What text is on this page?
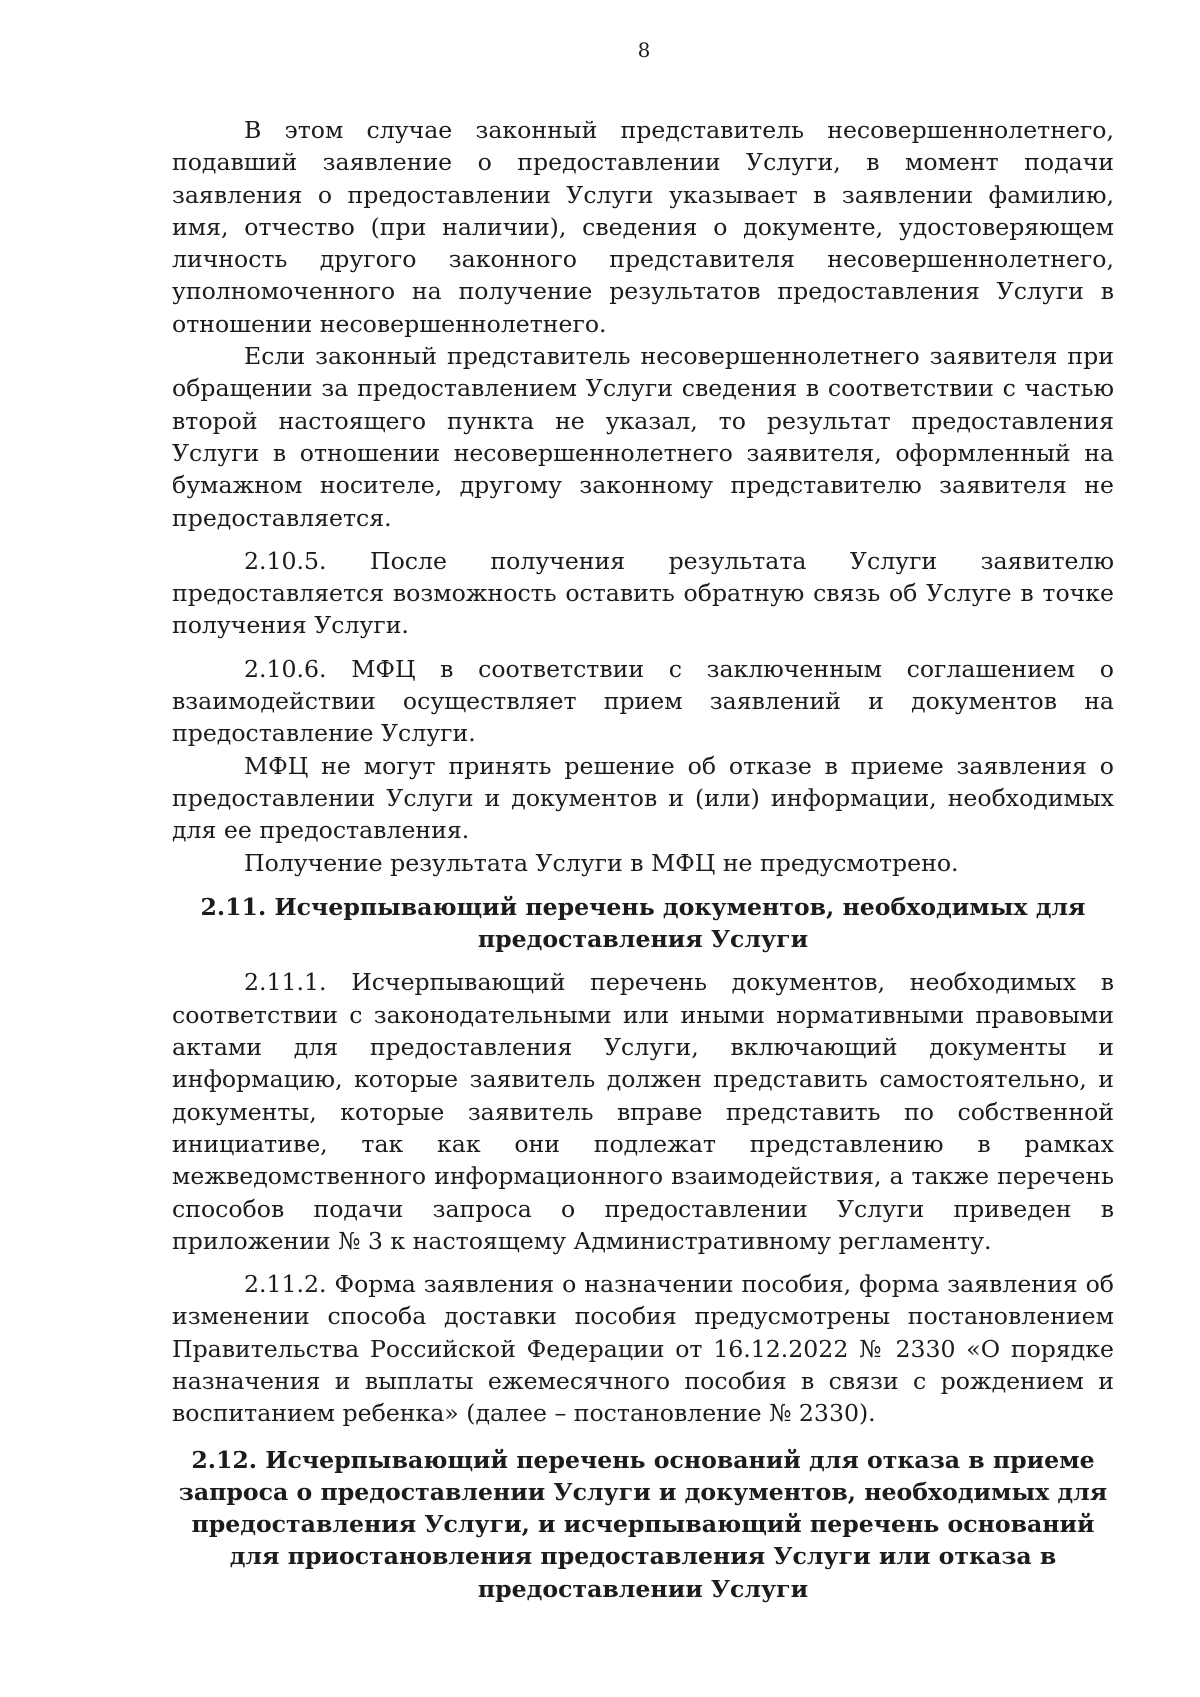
8

В этом случае законный представитель несовершеннолетнего, подавший заявление о предоставлении Услуги, в момент подачи заявления о предоставлении Услуги указывает в заявлении фамилию, имя, отчество (при наличии), сведения о документе, удостоверяющем личность другого законного представителя несовершеннолетнего, уполномоченного на получение результатов предоставления Услуги в отношении несовершеннолетнего.

Если законный представитель несовершеннолетнего заявителя при обращении за предоставлением Услуги сведения в соответствии с частью второй настоящего пункта не указал, то результат предоставления Услуги в отношении несовершеннолетнего заявителя, оформленный на бумажном носителе, другому законному представителю заявителя не предоставляется.

2.10.5. После получения результата Услуги заявителю предоставляется возможность оставить обратную связь об Услуге в точке получения Услуги.

2.10.6. МФЦ в соответствии с заключенным соглашением о взаимодействии осуществляет прием заявлений и документов на предоставление Услуги.

МФЦ не могут принять решение об отказе в приеме заявления о предоставлении Услуги и документов и (или) информации, необходимых для ее предоставления.

Получение результата Услуги в МФЦ не предусмотрено.

2.11. Исчерпывающий перечень документов, необходимых для предоставления Услуги

2.11.1. Исчерпывающий перечень документов, необходимых в соответствии с законодательными или иными нормативными правовыми актами для предоставления Услуги, включающий документы и информацию, которые заявитель должен представить самостоятельно, и документы, которые заявитель вправе представить по собственной инициативе, так как они подлежат представлению в рамках межведомственного информационного взаимодействия, а также перечень способов подачи запроса о предоставлении Услуги приведен в приложении № 3 к настоящему Административному регламенту.

2.11.2. Форма заявления о назначении пособия, форма заявления об изменении способа доставки пособия предусмотрены постановлением Правительства Российской Федерации от 16.12.2022 № 2330 «О порядке назначения и выплаты ежемесячного пособия в связи с рождением и воспитанием ребенка» (далее – постановление № 2330).

2.12. Исчерпывающий перечень оснований для отказа в приеме запроса о предоставлении Услуги и документов, необходимых для предоставления Услуги, и исчерпывающий перечень оснований для приостановления предоставления Услуги или отказа в предоставлении Услуги
